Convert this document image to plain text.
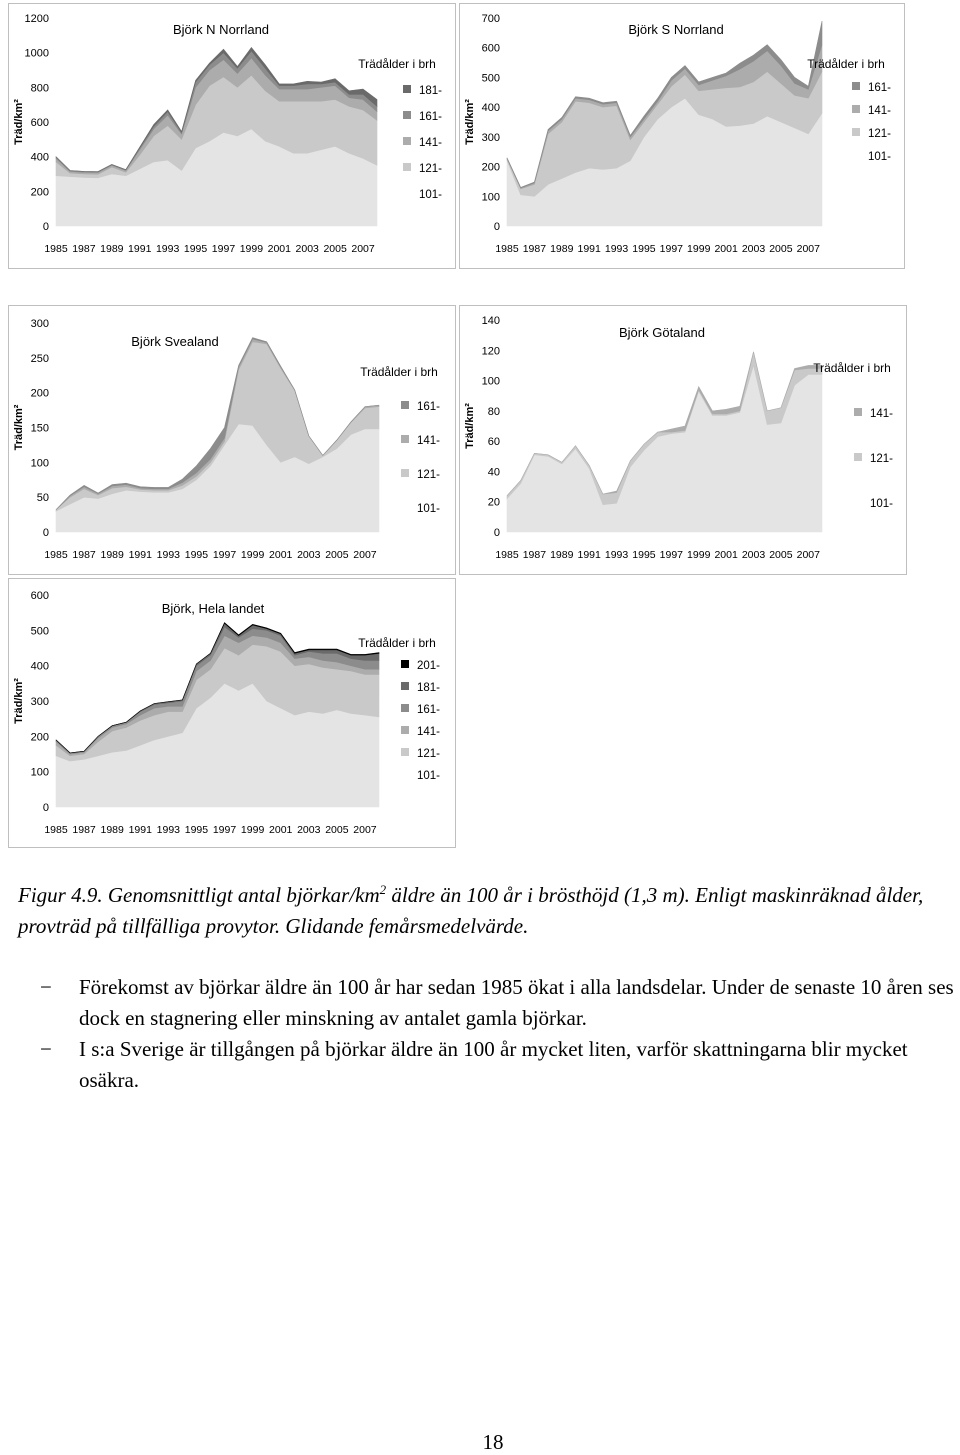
0
200
400
600
800
1000
1200
Träd/km²
1985 1987 1989 1991 1993 1995 1997 1999 2001 2003 2005 2007
Björk N Norrland
Trädålder i brh
181-
161-
141-
121-
101-
0
100
200
300
400
500
600
700
Träd/km²
1985 1987 1989 1991 1993 1995 1997 1999 2001 2003 2005 2007
Björk S Norrland
Trädålder i brh
161-
141-
121-
101-
0
50
100
150
200
250
300
Träd/km²
1985 1987 1989 1991 1993 1995 1997 1999 2001 2003 2005 2007
Björk Svealand
Trädålder i brh
161-
141-
121-
101-
0
20
40
60
80
100
120
140
Träd/km²
1985 1987 1989 1991 1993 1995 1997 1999 2001 2003 2005 2007
Björk Götaland
Trädålder i brh
141-
121-
101-
0
100
200
300
400
500
600
Träd/km²
1985 1987 1989 1991 1993 1995 1997 1999 2001 2003 2005 2007
Björk, Hela landet
Trädålder i brh
201-
181-
161-
141-
121-
101-
Figur 4.9. Genomsnittligt antal björkar/$km^2$ äldre än 100 år i brösthöjd (1,3 m). Enligt maskinräknad ålder, provträd på tillfälliga provytor. Glidande femårsmedelvärde.
− Förekomst av björkar äldre än 100 år har sedan 1985 ökat i alla landsdelar. Under de senaste 10 åren ses dock en stagnering eller minskning av antalet gamla björkar.
− I s:a Sverige är tillgången på björkar äldre än 100 år mycket liten, varför skattningarna blir mycket osäkra.
18
